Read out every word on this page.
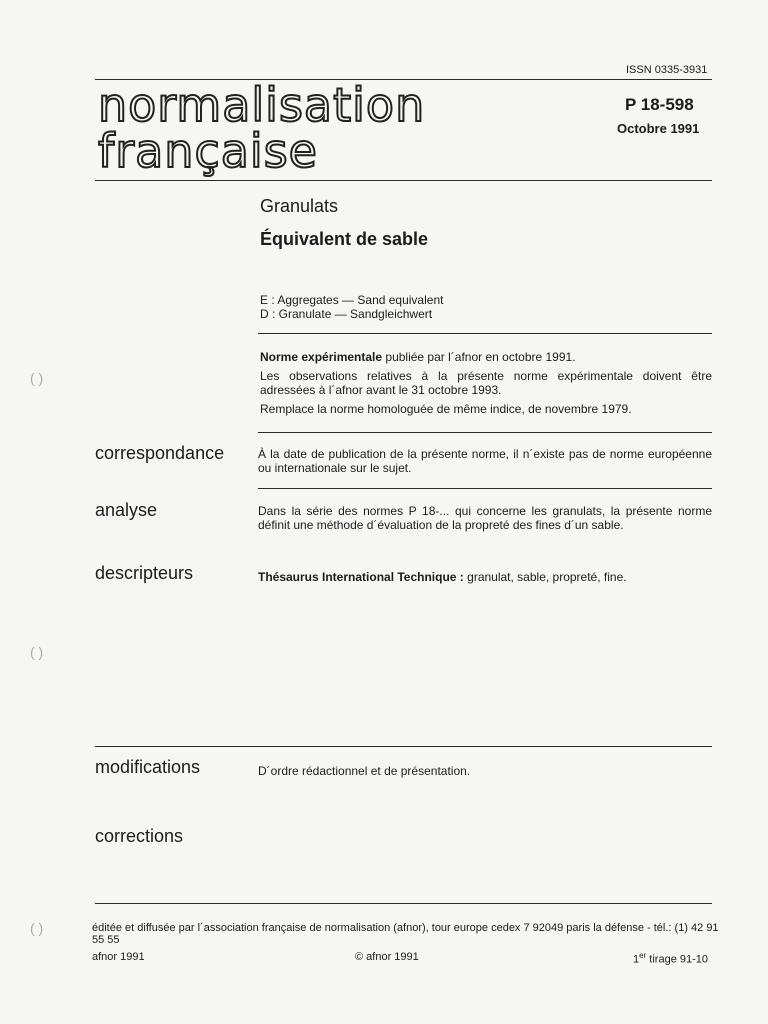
ISSN 0335-3931
normalisation
française
P 18-598
Octobre 1991
Granulats
Équivalent de sable
E : Aggregates — Sand equivalent
D : Granulate — Sandgleichwert
Norme expérimentale publiée par l´afnor en octobre 1991.
Les observations relatives à la présente norme expérimentale doivent être adressées à l´afnor avant le 31 octobre 1993.
Remplace la norme homologuée de même indice, de novembre 1979.
correspondance	À la date de publication de la présente norme, il n´existe pas de norme européenne ou internationale sur le sujet.
analyse	Dans la série des normes P 18-... qui concerne les granulats, la présente norme définit une méthode d´évaluation de la propreté des fines d´un sable.
descripteurs	Thésaurus International Technique : granulat, sable, propreté, fine.
modifications	D´ordre rédactionnel et de présentation.
corrections
éditée et diffusée par l´association française de normalisation (afnor), tour europe cedex 7 92049 paris la défense - tél.: (1) 42 91 55 55
afnor 1991	© afnor 1991	1er tirage 91-10
( )
( )
( )
